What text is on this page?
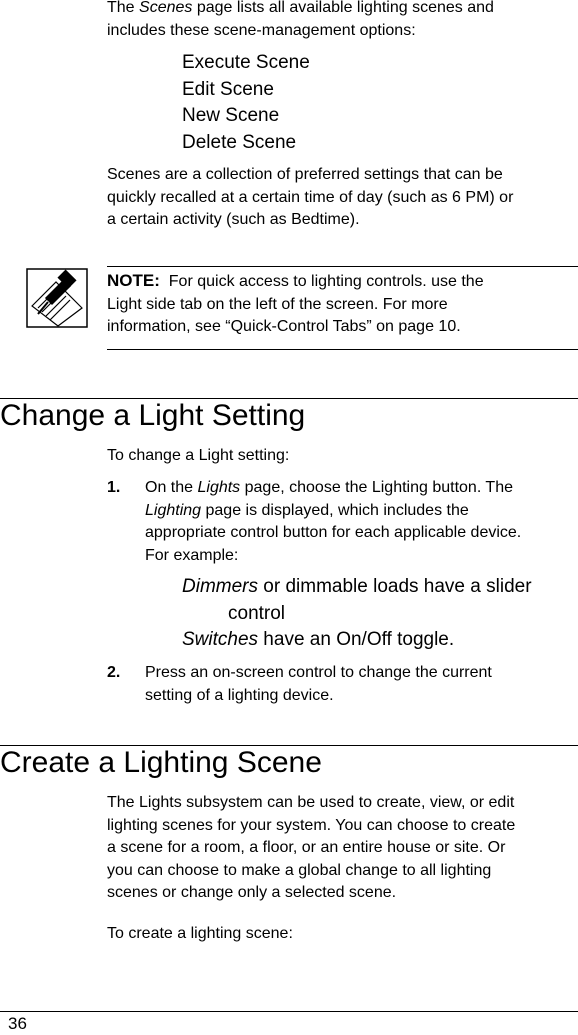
The Scenes page lists all available lighting scenes and
includes these scene-management options:
Execute Scene
Edit Scene
New Scene
Delete Scene
Scenes are a collection of preferred settings that can be
quickly recalled at a certain time of day (such as 6 PM) or
a certain activity (such as Bedtime).
NOTE: For quick access to lighting controls. use the
Light side tab on the left of the screen. For more
information, see “Quick-Control Tabs” on page 10.
Change a Light Setting
To change a Light setting:
1. On the Lights page, choose the Lighting button. The
Lighting page is displayed, which includes the
appropriate control button for each applicable device.
For example:
Dimmers or dimmable loads have a slider
control
Switches have an On/Off toggle.
2. Press an on-screen control to change the current
setting of a lighting device.
Create a Lighting Scene
The Lights subsystem can be used to create, view, or edit
lighting scenes for your system. You can choose to create
a scene for a room, a floor, or an entire house or site. Or
you can choose to make a global change to all lighting
scenes or change only a selected scene.
To create a lighting scene:
36
